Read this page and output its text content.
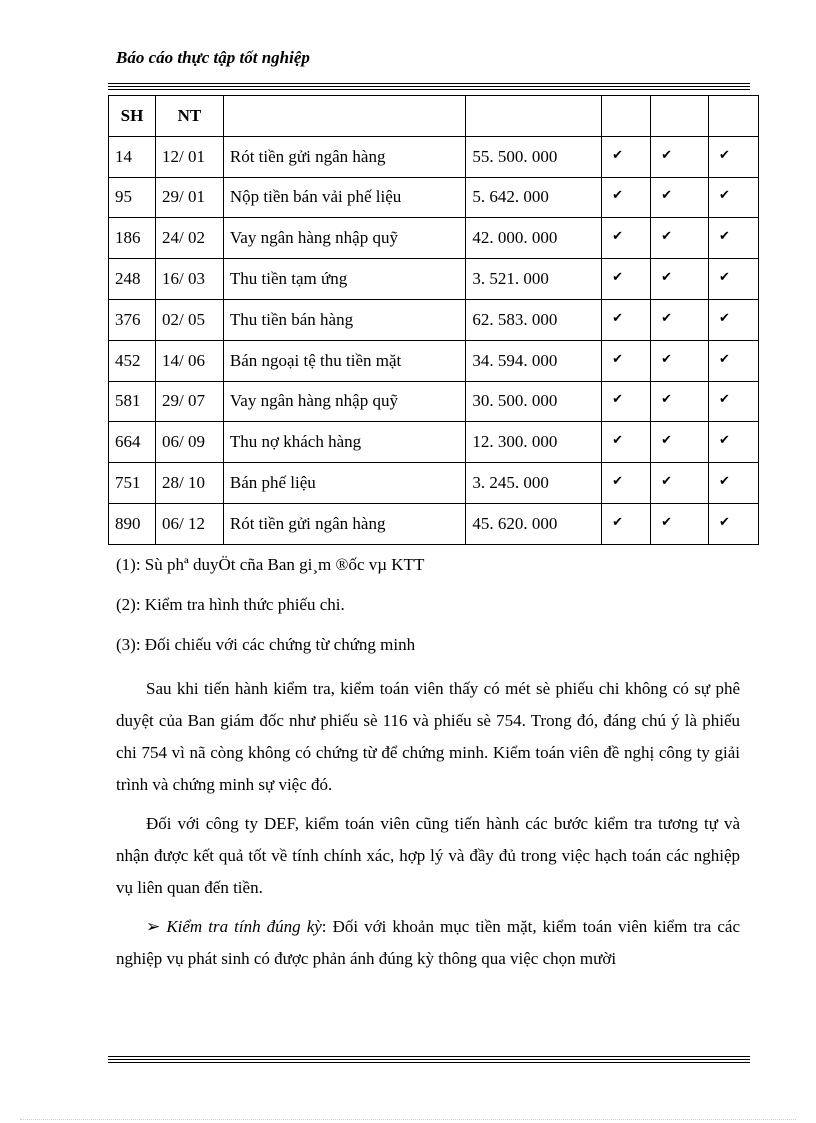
Báo cáo thực tập tốt nghiệp
SH	NT					
14	12/ 01	Rót tiền gửi ngân hàng	55. 500. 000	✔	✔	✔
95	29/ 01	Nộp tiền bán vải phế liệu	5. 642. 000	✔	✔	✔
186	24/ 02	Vay ngân hàng nhập quỹ	42. 000. 000	✔	✔	✔
248	16/ 03	Thu tiền tạm ứng	3. 521. 000	✔	✔	✔
376	02/ 05	Thu tiền bán hàng	62. 583. 000	✔	✔	✔
452	14/ 06	Bán ngoại tệ thu tiền mặt	34. 594. 000	✔	✔	✔
581	29/ 07	Vay ngân hàng nhập quỹ	30. 500. 000	✔	✔	✔
664	06/ 09	Thu nợ khách hàng	12. 300. 000	✔	✔	✔
751	28/ 10	Bán phế liệu	3. 245. 000	✔	✔	✔
890	06/ 12	Rót tiền gửi ngân hàng	45. 620. 000	✔	✔	✔

(1): Sù phª duyÖt cña Ban gi¸m ®ốc vµ KTT

(2): Kiểm tra hình thức phiếu chi.

(3): Đối chiếu với các chứng từ chứng minh

Sau khi tiến hành kiểm tra, kiểm toán viên thấy có mét sè phiếu chi không có sự phê duyệt của Ban giám đốc như phiếu sè 116 và phiếu sè 754. Trong đó, đáng chú ý là phiếu chi 754 vì nã còng không có chứng từ để chứng minh. Kiểm toán viên đề nghị công ty giải trình và chứng minh sự việc đó.

Đối với công ty DEF, kiểm toán viên cũng tiến hành các bước kiểm tra tương tự và nhận được kết quả tốt về tính chính xác, hợp lý và đầy đủ trong việc hạch toán các nghiệp vụ liên quan đến tiền.

➢ Kiểm tra tính đúng kỳ: Đối với khoản mục tiền mặt, kiểm toán viên kiểm tra các nghiệp vụ phát sinh có được phản ánh đúng kỳ thông qua việc chọn mười
